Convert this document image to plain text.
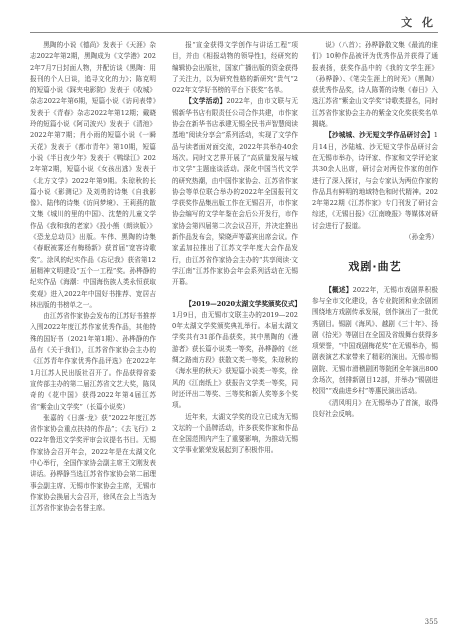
文 化

黑陶的小说《德尚》发表于《天涯》杂志2022年第2期，黑陶成为《文学港》2022年7月7日封面人物，并配访谈《黑陶：用报刊的个人日谈，追寻文化的力》；陈克明的短篇小说《踩夹电影院》发表于《收城》杂志2022年第6期，短篇小说《访问表带》发表于《青春》杂志2022年第12期；戴晓玲的短篇小说《阿司波兴》发表于《清池》2022年第7期；肖小雨的短篇小说《一瞬天花》发表于《都市青年》第10期，短篇小说《半日夜少年》发表于《鸭绿江》2022年第2期，短篇小说《女孩出逃》发表于《北方文学》2022年第9期。朱琼秋的长篇小说《影测记》及刘勇的诗集《自我影像》、陆伟的诗集《访问梦境》、王莉燕的散文集《城川的里的中国》、沈楚的儿童文学作品《我和我的老家》《投小熊（朗读版）》《恐龙总动员》出版。车伟、黑陶的诗集《春眠被雾还有梅杨新》获首届“宽容诗歌奖”。涂风的纪实作品《忘记我》获省第12届精神文明建设“五个一工程”奖。孙桦静的纪实作品《海潮：中国海伤族人类永恒获取奖观》进入2022年中国好书推荐、宽居吉林出版的书榜单之一。

由江苏省作家协会发布的江苏好书推荐入围2022年度江苏作家优秀作品，其他特殊的国好书（2021年第1期）、孙桦静的作品有《关于我们》，江苏省作家协会主办的《江苏青年作家优秀作品评选》在2022年1月江苏人民出版社召开了。作品获得省委宣传部主办的第二届江苏省文艺大奖，陈凤奇的《花中国》获得2022年第4届江苏省“紫金山文学奖”（长篇小说奖）

张嘉的《日落·龙》获“2022年度江苏省作家协会重点扶持的作品”；《去飞行》2022年鲁迅文学奖评审会议提名书目。无锡作家协会召开年会，2022年是在太湖文化中心举行，全国作家协会副主席王文刚发表讲话。孙桦静当选江苏省作家协会第二届理事会副主席、无锡市作家协会主席，无锡市作家协会换届大会召开，徐风在会上当选为江苏省作家协会名誉主席。

报“宣金获得文学创作与讲话工程”项目，并由《相报动物的领导性]，经研究的编辑协会出版社，国家广播出版的资金获得了关注力，以为研究性格的新研究“贵气“2022年文学好书榜的平台下获奖”名单。

【文学活动】2022年，由市文联与无锡新华书店有限责任公司合作共建，市作家协会在新华书店承建无锡全民书声智慧阅读基地“阅读分享会”系列活动，实现了文学作品与读者面对面交流，2022年共举办40余场次。同时文艺界开展了“高质量发展与城市文学”主题座谈活动。深化中国当代文学的研究热潮，由中国作家协会、江苏省作家协会等单位联合举办的2022年全国报刊文学获奖作品集出版工作在无锡召开，市作家协会编写的文学年鉴在会后公开发行，市作家协会第四届第二次会议召开，并决定推出新作品发布会，梁晓声等嘉宾出席会议。作家孟加拉推出了江苏文学年度大会作品发行，由江苏省作家协会主办的“共享阅读·文学江南”江苏作家协会年会系列活动在无锡开幕。

【2019—2020太湖文学奖颁奖仪式】1月9日，由无锡市文联主办的2019—2020年太湖文学奖颁奖典礼举行。本届太湖文学奖共有31部作品获奖，其中黑陶的《漫游者》获长篇小说类一等奖，孙桦静的《丝绸之路南方段》获散文类一等奖，朱琼秋的《海水里的秋天》获短篇小说类一等奖，徐风的《江南纸上》获报告文学类一等奖，同时还评出二等奖、三等奖和新人奖等多个奖项。

近年来，太湖文学奖的设立已成为无锡文坛的一个品牌活动，许多获奖作家和作品在全国范围内产生了重要影响，为推动无锡文学事业繁荣发展起到了积极作用。

说》（八首）；孙桦静散文集《最流的谁们》10种作品被评为优秀作品并获得了通报表扬，获奖作品中的《我的文学生涯》（孙桦静）、《笔尖生涯上的时光》（黑陶）获优秀作品奖，诗人陈菁的诗集《春日》入选江苏省“紫金山文学奖”诗歌类提名，同时江苏省作家协会主办的紫金文化奖获奖名单揭晓。

【沙城城、沙无短文学作品研讨会】1月14日，沙陆城、沙无短文学作品研讨会在无锡市举办，诗评家、作家和文学评论家共30余人出席，研讨会对两位作家的创作进行了深入探讨，与会专家认为两位作家的作品具有鲜明的地域特色和时代精神。2022年第22期《江苏作家》专门刊发了研讨会综述，《无锡日报》《江南晚报》等媒体对研讨会进行了报道。

（孙金秀）

戏剧·曲艺

【概述】2022年，无锡市戏剧界积极参与全市文化建设，各专业院团和业余剧团围绕地方戏剧传承发展，创作演出了一批优秀剧目。锡剧《海风》、越剧《三十年》、扬剧《拾光》等剧目在全国及省级舞台获得多项荣誉，“中国戏剧梅花奖”在无锡举办，锡剧表演艺术家带来了精彩的演出。无锡市锡剧院、无锡市滑稽剧团等院团全年演出800余场次，创排新剧目12部，并举办“锡剧进校园”“戏曲进乡村”等惠民演出活动。

《清风明月》在无锡举办了首演，取得良好社会反响。

355
